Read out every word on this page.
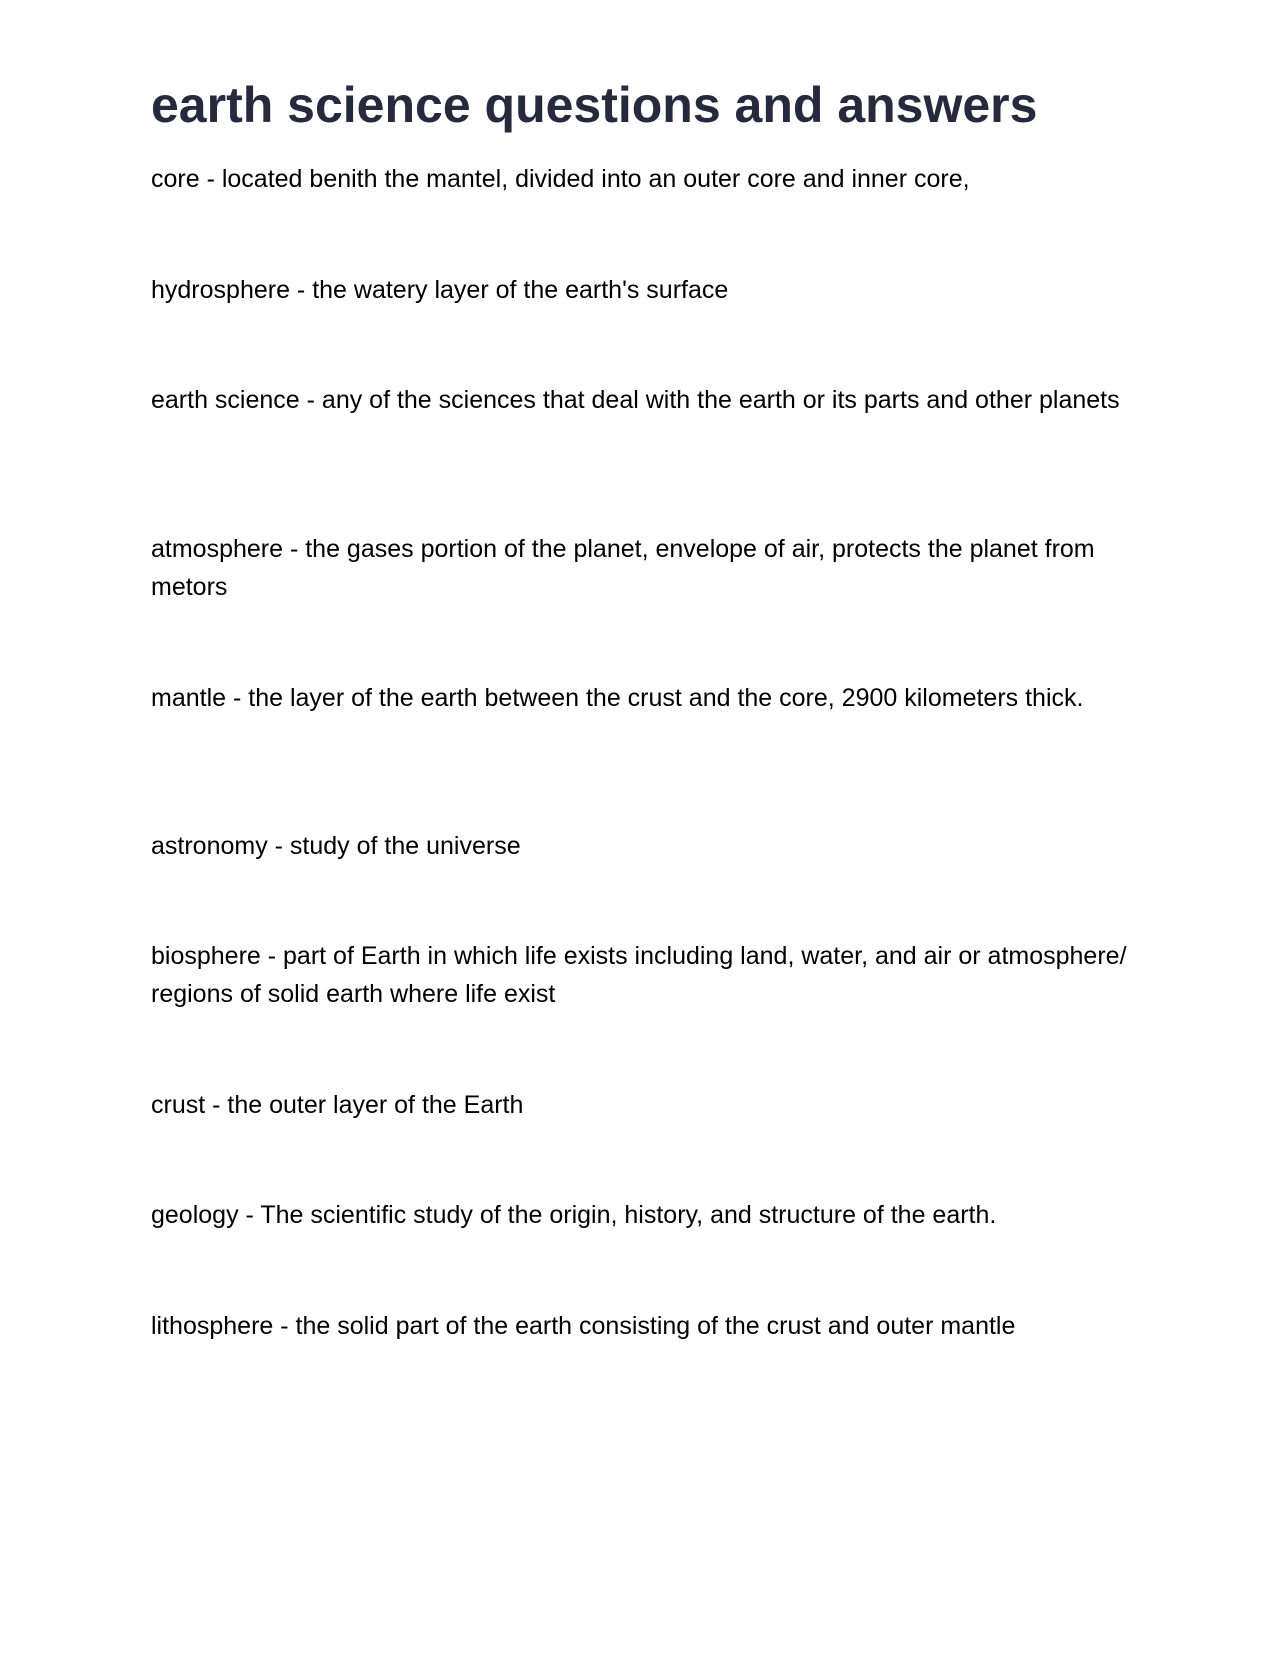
earth science questions and answers

core - located benith the mantel, divided into an outer core and inner core,

hydrosphere - the watery layer of the earth's surface

earth science - any of the sciences that deal with the earth or its parts and other planets

atmosphere - the gases portion of the planet, envelope of air, protects the planet from metors

mantle - the layer of the earth between the crust and the core, 2900 kilometers thick.

astronomy - study of the universe

biosphere - part of Earth in which life exists including land, water, and air or atmosphere/ regions of solid earth where life exist

crust - the outer layer of the Earth

geology - The scientific study of the origin, history, and structure of the earth.

lithosphere - the solid part of the earth consisting of the crust and outer mantle
